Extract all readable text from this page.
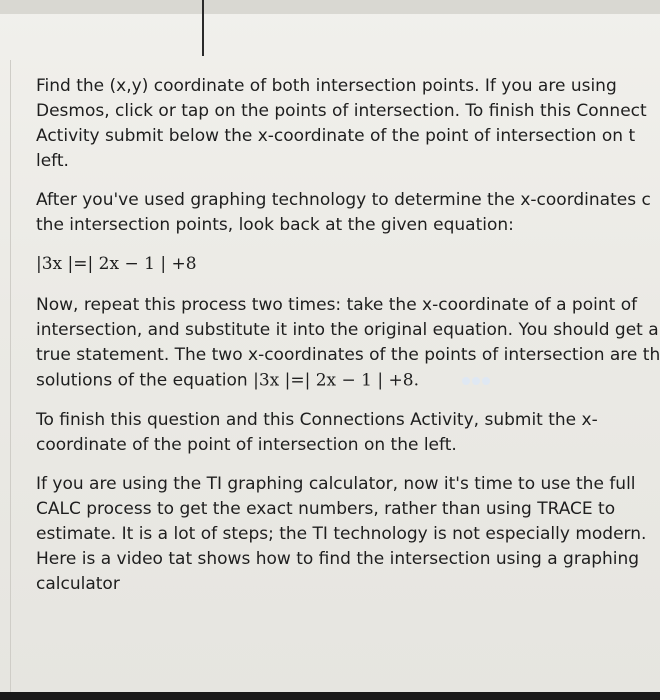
Find the (x,y) coordinate of both intersection points. If you are using
Desmos, click or tap on the points of intersection. To finish this Connect
Activity submit below the x-coordinate of the point of intersection on t
left.

After you've used graphing technology to determine the x-coordinates c
the intersection points, look back at the given equation:

|3x |=| 2x − 1 | +8

Now, repeat this process two times: take the x-coordinate of a point of
intersection, and substitute it into the original equation. You should get a
true statement. The two x-coordinates of the points of intersection are th
solutions of the equation |3x |=| 2x − 1 | +8.

To finish this question and this Connections Activity, submit the x-
coordinate of the point of intersection on the left.

If you are using the TI graphing calculator, now it's time to use the full
CALC process to get the exact numbers, rather than using TRACE to
estimate. It is a lot of steps; the TI technology is not especially modern.
Here is a video tat shows how to find the intersection using a graphing
calculator
